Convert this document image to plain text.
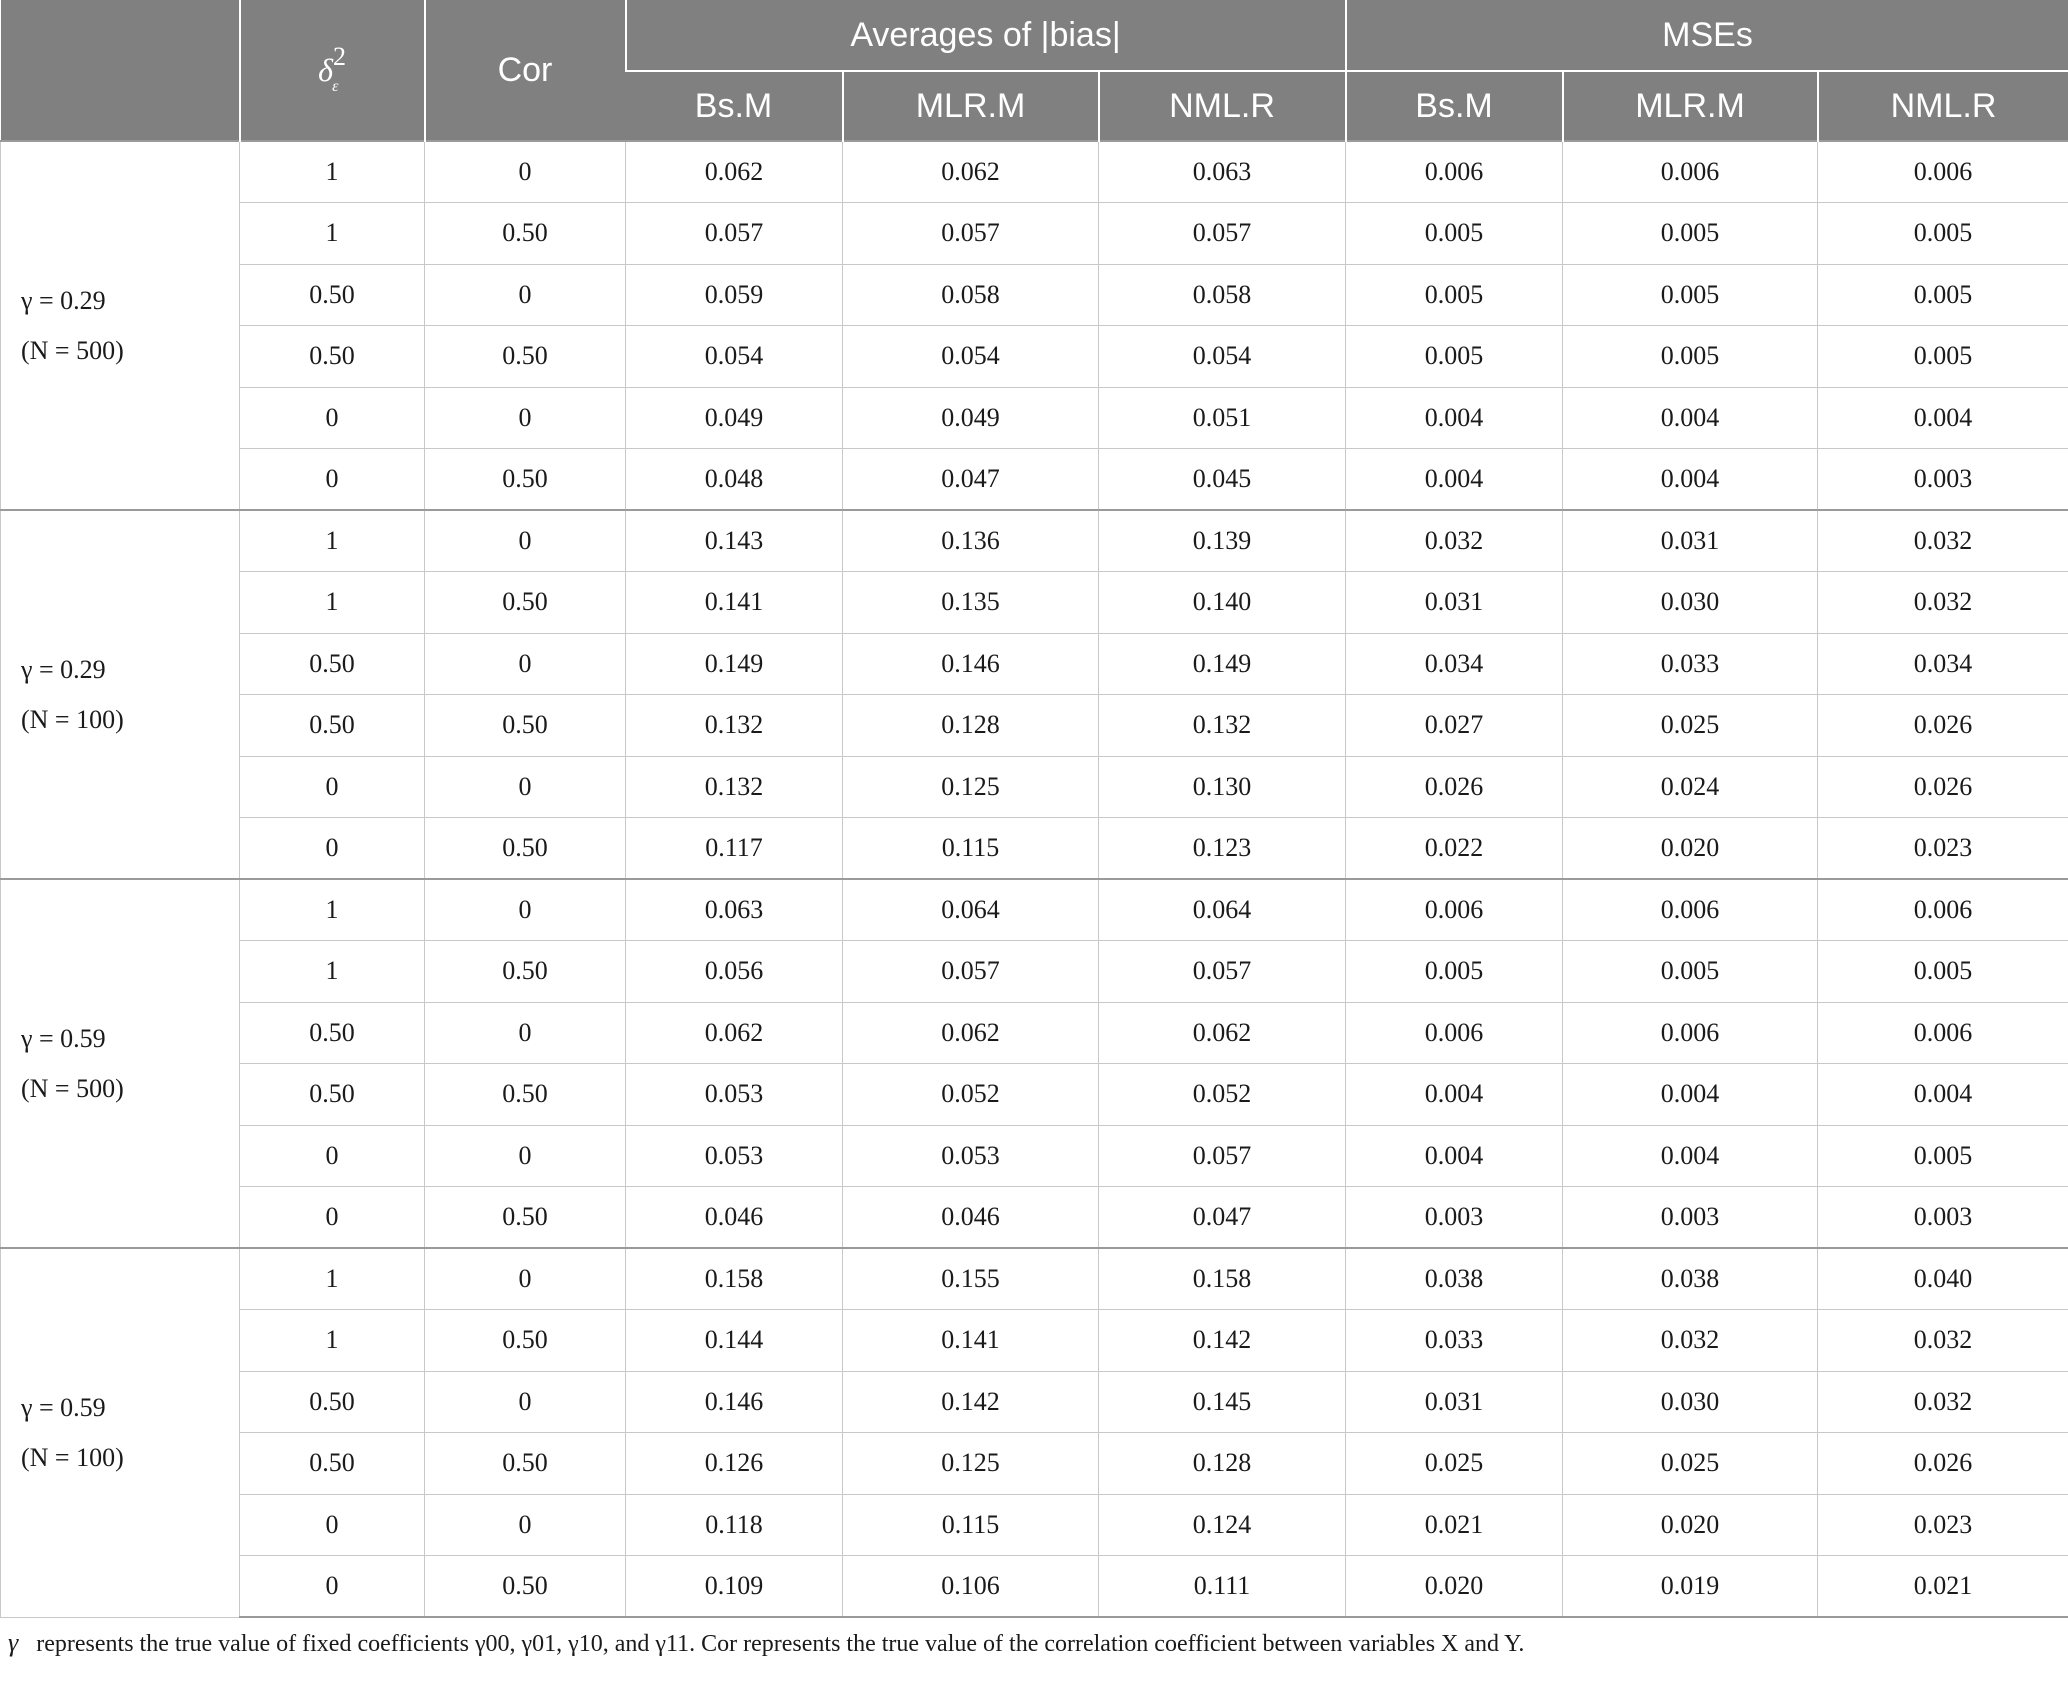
	$\delta^2$
ε	Cor	Averages of |bias|			MSEs		
			Bs.M	MLR.M	NML.R	Bs.M	MLR.M	NML.R

γ = 0.29
(N = 500)	1	0	0.062	0.062	0.063	0.006	0.006	0.006
	1	0.50	0.057	0.057	0.057	0.005	0.005	0.005
	0.50	0	0.059	0.058	0.058	0.005	0.005	0.005
	0.50	0.50	0.054	0.054	0.054	0.005	0.005	0.005
	0	0	0.049	0.049	0.051	0.004	0.004	0.004
	0	0.50	0.048	0.047	0.045	0.004	0.004	0.003

γ = 0.29
(N = 100)	1	0	0.143	0.136	0.139	0.032	0.031	0.032
	1	0.50	0.141	0.135	0.140	0.031	0.030	0.032
	0.50	0	0.149	0.146	0.149	0.034	0.033	0.034
	0.50	0.50	0.132	0.128	0.132	0.027	0.025	0.026
	0	0	0.132	0.125	0.130	0.026	0.024	0.026
	0	0.50	0.117	0.115	0.123	0.022	0.020	0.023

γ = 0.59
(N = 500)	1	0	0.063	0.064	0.064	0.006	0.006	0.006
	1	0.50	0.056	0.057	0.057	0.005	0.005	0.005
	0.50	0	0.062	0.062	0.062	0.006	0.006	0.006
	0.50	0.50	0.053	0.052	0.052	0.004	0.004	0.004
	0	0	0.053	0.053	0.057	0.004	0.004	0.005
	0	0.50	0.046	0.046	0.047	0.003	0.003	0.003

γ = 0.59
(N = 100)	1	0	0.158	0.155	0.158	0.038	0.038	0.040
	1	0.50	0.144	0.141	0.142	0.033	0.032	0.032
	0.50	0	0.146	0.142	0.145	0.031	0.030	0.032
	0.50	0.50	0.126	0.125	0.128	0.025	0.025	0.026
	0	0	0.118	0.115	0.124	0.021	0.020	0.023
	0	0.50	0.109	0.106	0.111	0.020	0.019	0.021
γ represents the true value of fixed coefficients γ00, γ01, γ10, and γ11. Cor represents the true value of the correlation coefficient between variables X and Y.
